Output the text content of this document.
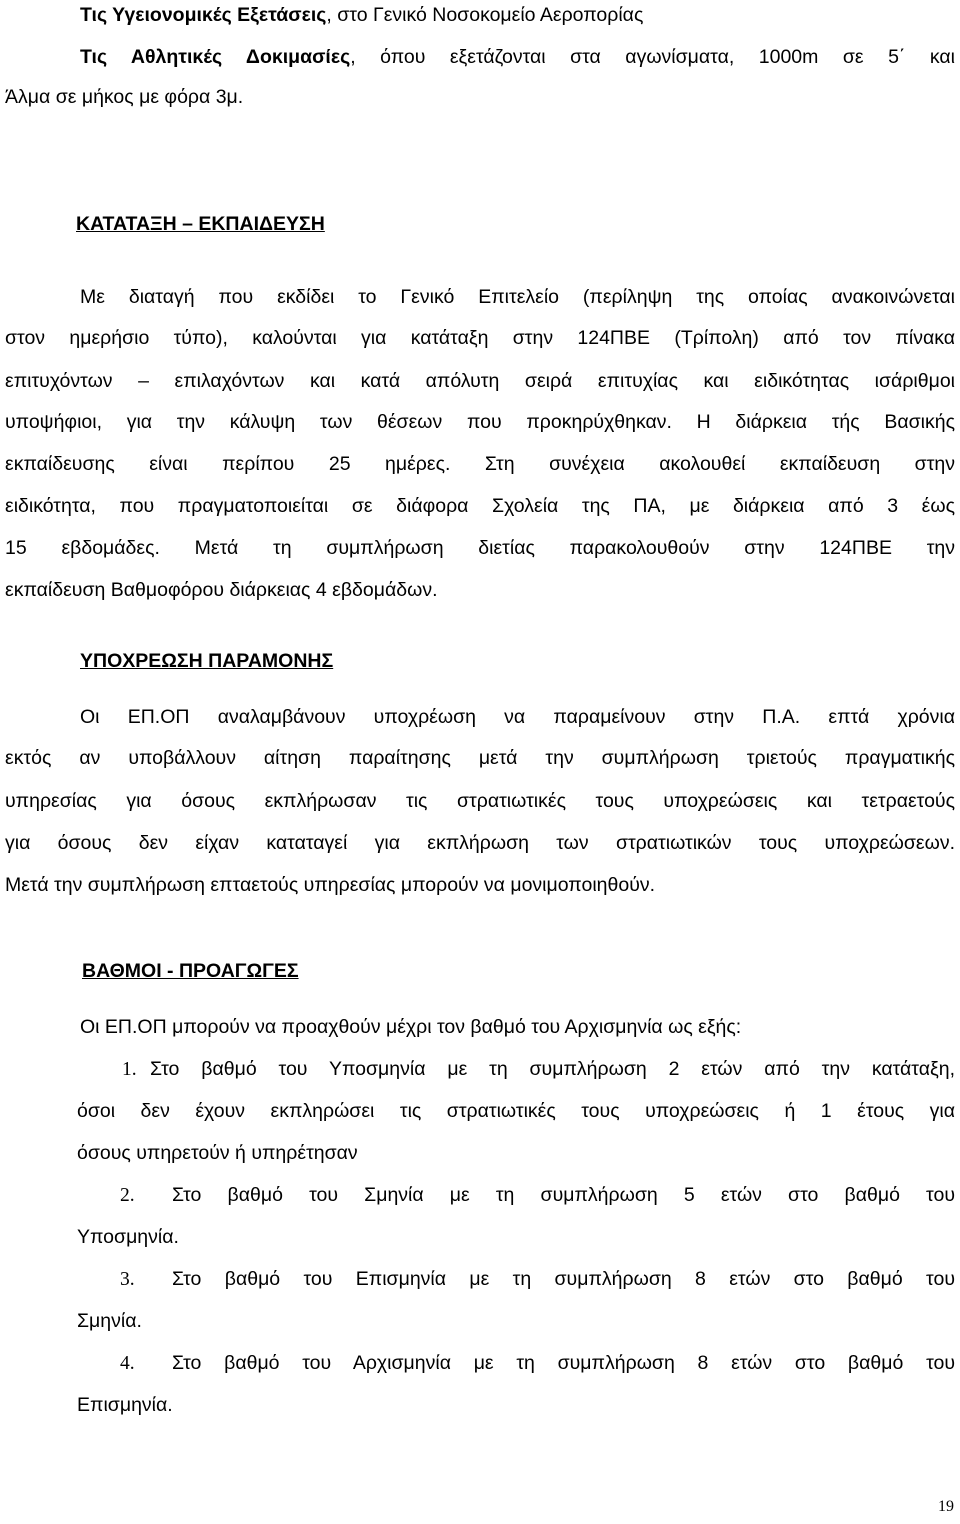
Τις Υγειονομικές Εξετάσεις, στο Γενικό Νοσοκομείο Αεροπορίας
Τις Αθλητικές Δοκιμασίες, όπου εξετάζονται στα αγωνίσματα, 1000m σε 5΄ και
Άλμα σε μήκος με φόρα 3μ.
ΚΑΤΑΤΑΞΗ – ΕΚΠΑΙΔΕΥΣΗ
Με διαταγή που εκδίδει το Γενικό Επιτελείο (περίληψη της οποίας ανακοινώνεται
στον ημερήσιο τύπο), καλούνται για κατάταξη στην 124ΠΒΕ (Τρίπολη) από τον πίνακα
επιτυχόντων – επιλαχόντων και κατά απόλυτη σειρά επιτυχίας και ειδικότητας ισάριθμοι
υποψήφιοι, για την κάλυψη των θέσεων που προκηρύχθηκαν. Η διάρκεια τής Βασικής
εκπαίδευσης είναι περίπου 25 ημέρες. Στη συνέχεια ακολουθεί εκπαίδευση στην
ειδικότητα, που πραγματοποιείται σε διάφορα Σχολεία της ΠΑ, με διάρκεια από 3 έως
15 εβδομάδες. Μετά τη συμπλήρωση διετίας παρακολουθούν στην 124ΠΒΕ την
εκπαίδευση Βαθμοφόρου διάρκειας 4 εβδομάδων.
ΥΠΟΧΡΕΩΣΗ ΠΑΡΑΜΟΝΗΣ
Οι ΕΠ.ΟΠ αναλαμβάνουν υποχρέωση να παραμείνουν στην Π.Α. επτά χρόνια
εκτός αν υποβάλλουν αίτηση παραίτησης μετά την συμπλήρωση τριετούς πραγματικής
υπηρεσίας για όσους εκπλήρωσαν τις στρατιωτικές τους υποχρεώσεις και τετραετούς
για όσους δεν είχαν καταταγεί για εκπλήρωση των στρατιωτικών τους υποχρεώσεων.
Μετά την συμπλήρωση επταετούς υπηρεσίας μπορούν να μονιμοποιηθούν.
ΒΑΘΜΟΙ - ΠΡΟΑΓΩΓΕΣ
Οι ΕΠ.ΟΠ μπορούν να προαχθούν μέχρι τον βαθμό του Αρχισμηνία ως εξής:
1. Στο βαθμό του Υποσμηνία με τη συμπλήρωση 2 ετών από την κατάταξη,
όσοι δεν έχουν εκπληρώσει τις στρατιωτικές τους υποχρεώσεις ή 1 έτους για
όσους υπηρετούν ή υπηρέτησαν
2. Στο βαθμό του Σμηνία με τη συμπλήρωση 5 ετών στο βαθμό του
Υποσμηνία.
3. Στο βαθμό του Επισμηνία με τη συμπλήρωση 8 ετών στο βαθμό του
Σμηνία.
4. Στο βαθμό του Αρχισμηνία με τη συμπλήρωση 8 ετών στο βαθμό του
Επισμηνία.
19
